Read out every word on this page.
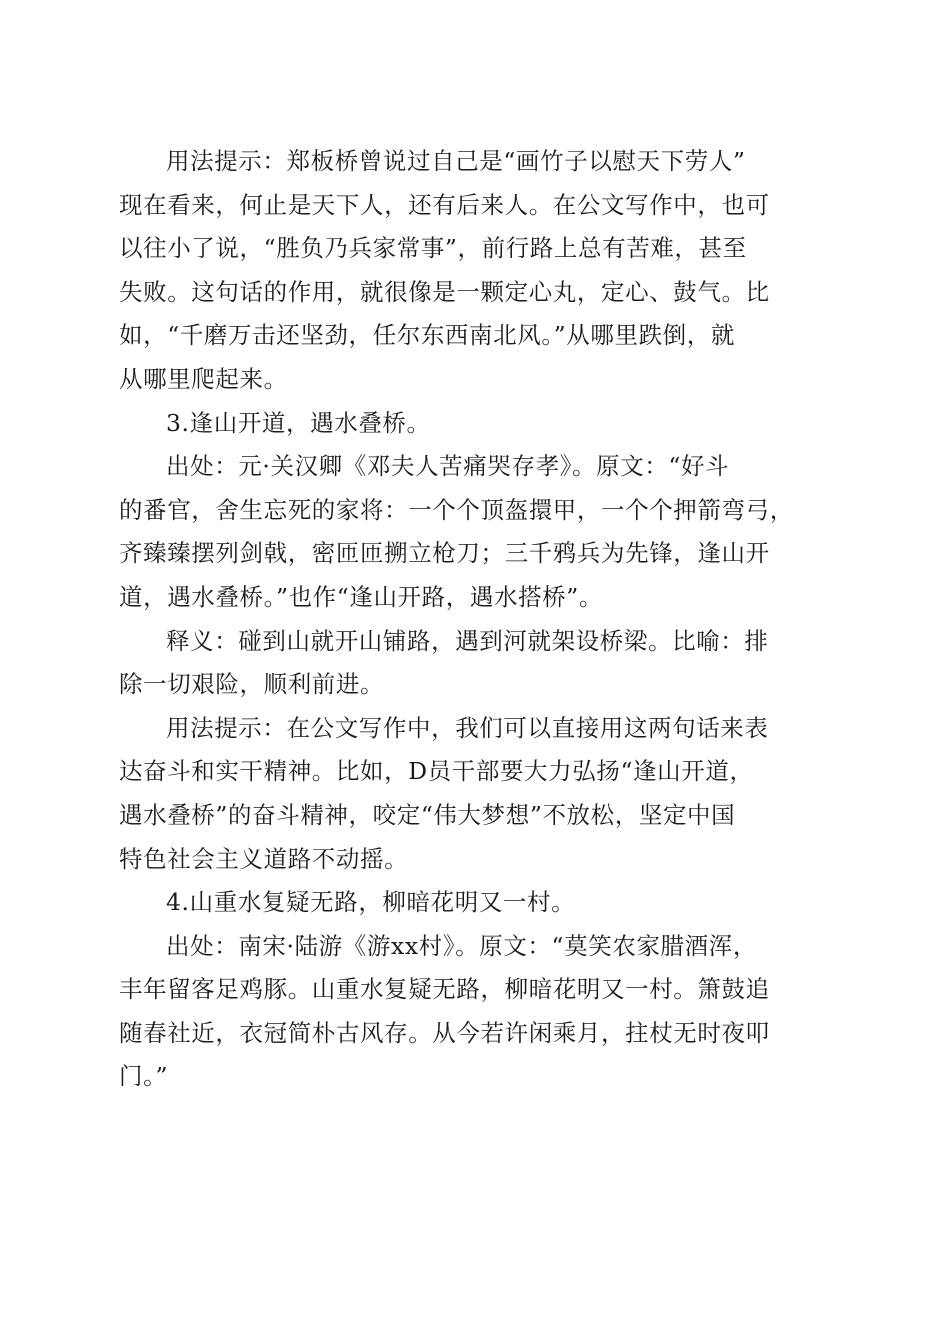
用法提示：郑板桥曾说过自己是“画竹子以慰天下劳人”
现在看来，何止是天下人，还有后来人。在公文写作中，也可
以往小了说，“胜负乃兵家常事”，前行路上总有苦难，甚至
失败。这句话的作用，就很像是一颗定心丸，定心、鼓气。比
如，“千磨万击还坚劲，任尔东西南北风。”从哪里跌倒，就
从哪里爬起来。
3.逢山开道，遇水叠桥。
出处：元·关汉卿《邓夫人苦痛哭存孝》。原文：“好斗
的番官，舍生忘死的家将：一个个顶盔擐甲，一个个押箭弯弓，
齐臻臻摆列剑戟，密匝匝搠立枪刀；三千鸦兵为先锋，逢山开
道，遇水叠桥。”也作“逢山开路，遇水搭桥”。
释义：碰到山就开山铺路，遇到河就架设桥梁。比喻：排
除一切艰险，顺利前进。
用法提示：在公文写作中，我们可以直接用这两句话来表
达奋斗和实干精神。比如，D员干部要大力弘扬“逢山开道，
遇水叠桥”的奋斗精神，咬定“伟大梦想”不放松，坚定中国
特色社会主义道路不动摇。
4.山重水复疑无路，柳暗花明又一村。
出处：南宋·陆游《游xx村》。原文：“莫笑农家腊酒浑，
丰年留客足鸡豚。山重水复疑无路，柳暗花明又一村。箫鼓追
随春社近，衣冠简朴古风存。从今若许闲乘月，拄杖无时夜叩
门。”
